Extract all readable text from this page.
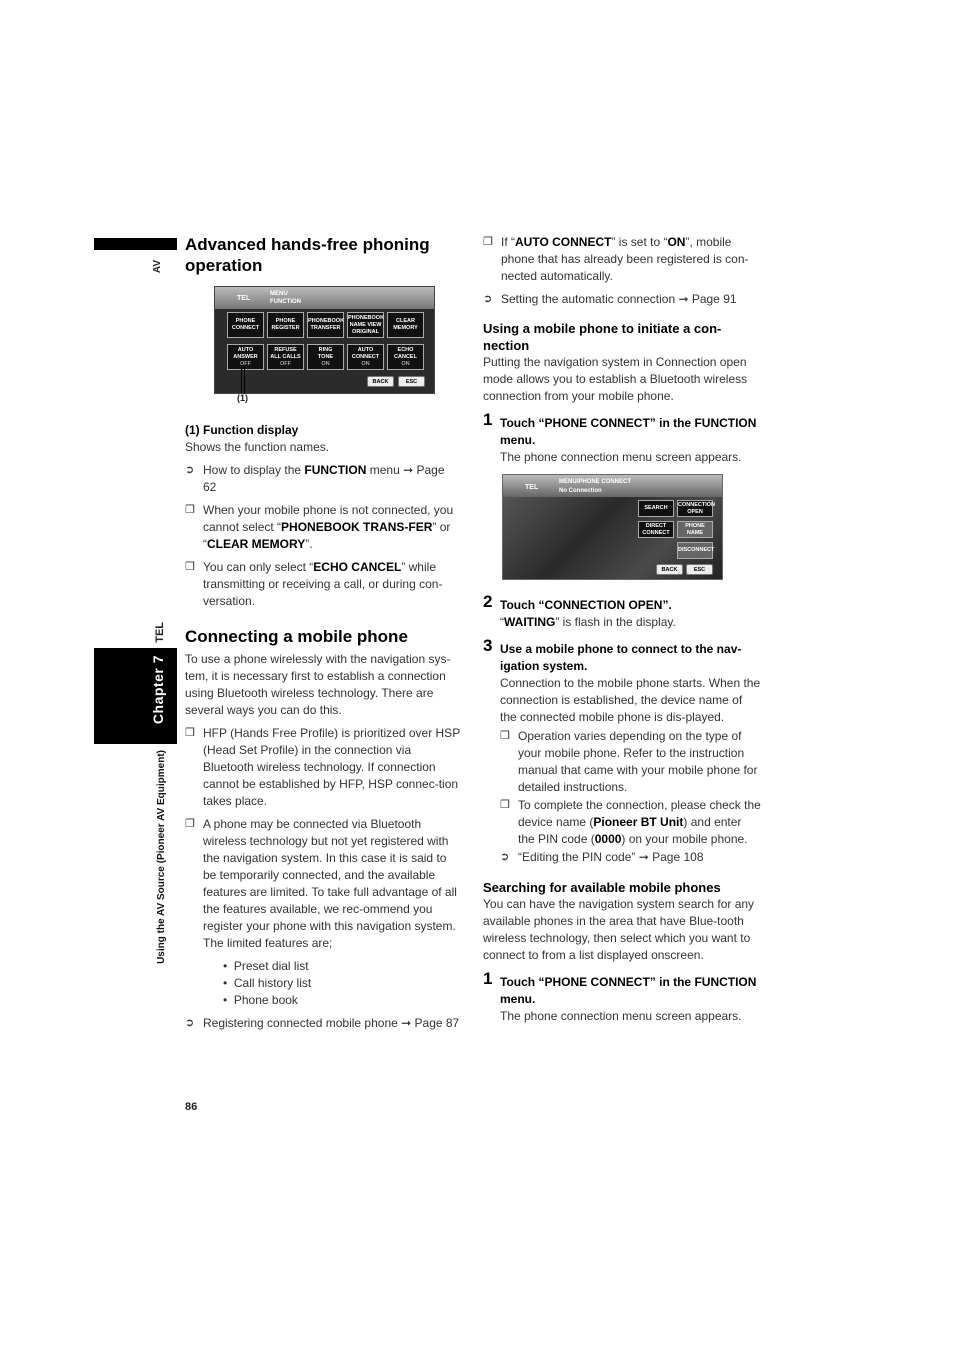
AV
TEL
Chapter 7
Using the AV Source (Pioneer AV Equipment)
86
Advanced hands-free phoning operation
TEL
MENU
FUNCTION
PHONE
CONNECT
PHONE
REGISTER
PHONEBOOK
TRANSFER
PHONEBOOK
NAME VIEW
ORIGINAL
CLEAR
MEMORY
AUTO
ANSWER
OFF
REFUSE
ALL CALLS
OFF
RING
TONE
ON
AUTO
CONNECT
ON
ECHO
CANCEL
ON
BACK	ESC
(1)
(1) Function display
Shows the function names.
➲ How to display the FUNCTION menu ➞ Page 62
❒ When your mobile phone is not connected, you cannot select “PHONEBOOK TRANS-FER” or “CLEAR MEMORY”.
❒ You can only select “ECHO CANCEL” while transmitting or receiving a call, or during con-versation.
Connecting a mobile phone
To use a phone wirelessly with the navigation sys-tem, it is necessary first to establish a connection using Bluetooth wireless technology. There are several ways you can do this.
❒ HFP (Hands Free Profile) is prioritized over HSP (Head Set Profile) in the connection via Bluetooth wireless technology. If connection cannot be established by HFP, HSP connec-tion takes place.
❒ A phone may be connected via Bluetooth wireless technology but not yet registered with the navigation system. In this case it is said to be temporarily connected, and the available features are limited. To take full advantage of all the features available, we rec-ommend you register your phone with this navigation system.
The limited features are;
•  Preset dial list
•  Call history list
•  Phone book
➲ Registering connected mobile phone ➞ Page 87
❒ If “AUTO CONNECT” is set to “ON”, mobile phone that has already been registered is con-nected automatically.
➲ Setting the automatic connection ➞ Page 91
Using a mobile phone to initiate a con-nection
Putting the navigation system in Connection open mode allows you to establish a Bluetooth wireless connection from your mobile phone.
1 Touch “PHONE CONNECT” in the FUNCTION menu.
The phone connection menu screen appears.
TEL
MENU/PHONE CONNECT
No Connection
SEARCH
CONNECTION
OPEN
DIRECT
CONNECT
PHONE
NAME
DISCONNECT
BACK	ESC
2 Touch “CONNECTION OPEN”.
“WAITING” is flash in the display.
3 Use a mobile phone to connect to the nav-igation system.
Connection to the mobile phone starts. When the connection is established, the device name of the connected mobile phone is dis-played.
❒ Operation varies depending on the type of your mobile phone. Refer to the instruction manual that came with your mobile phone for detailed instructions.
❒ To complete the connection, please check the device name (Pioneer BT Unit) and enter the PIN code (0000) on your mobile phone.
➲ “Editing the PIN code” ➞ Page 108
Searching for available mobile phones
You can have the navigation system search for any available phones in the area that have Blue-tooth wireless technology, then select which you want to connect to from a list displayed onscreen.
1 Touch “PHONE CONNECT” in the FUNCTION menu.
The phone connection menu screen appears.
